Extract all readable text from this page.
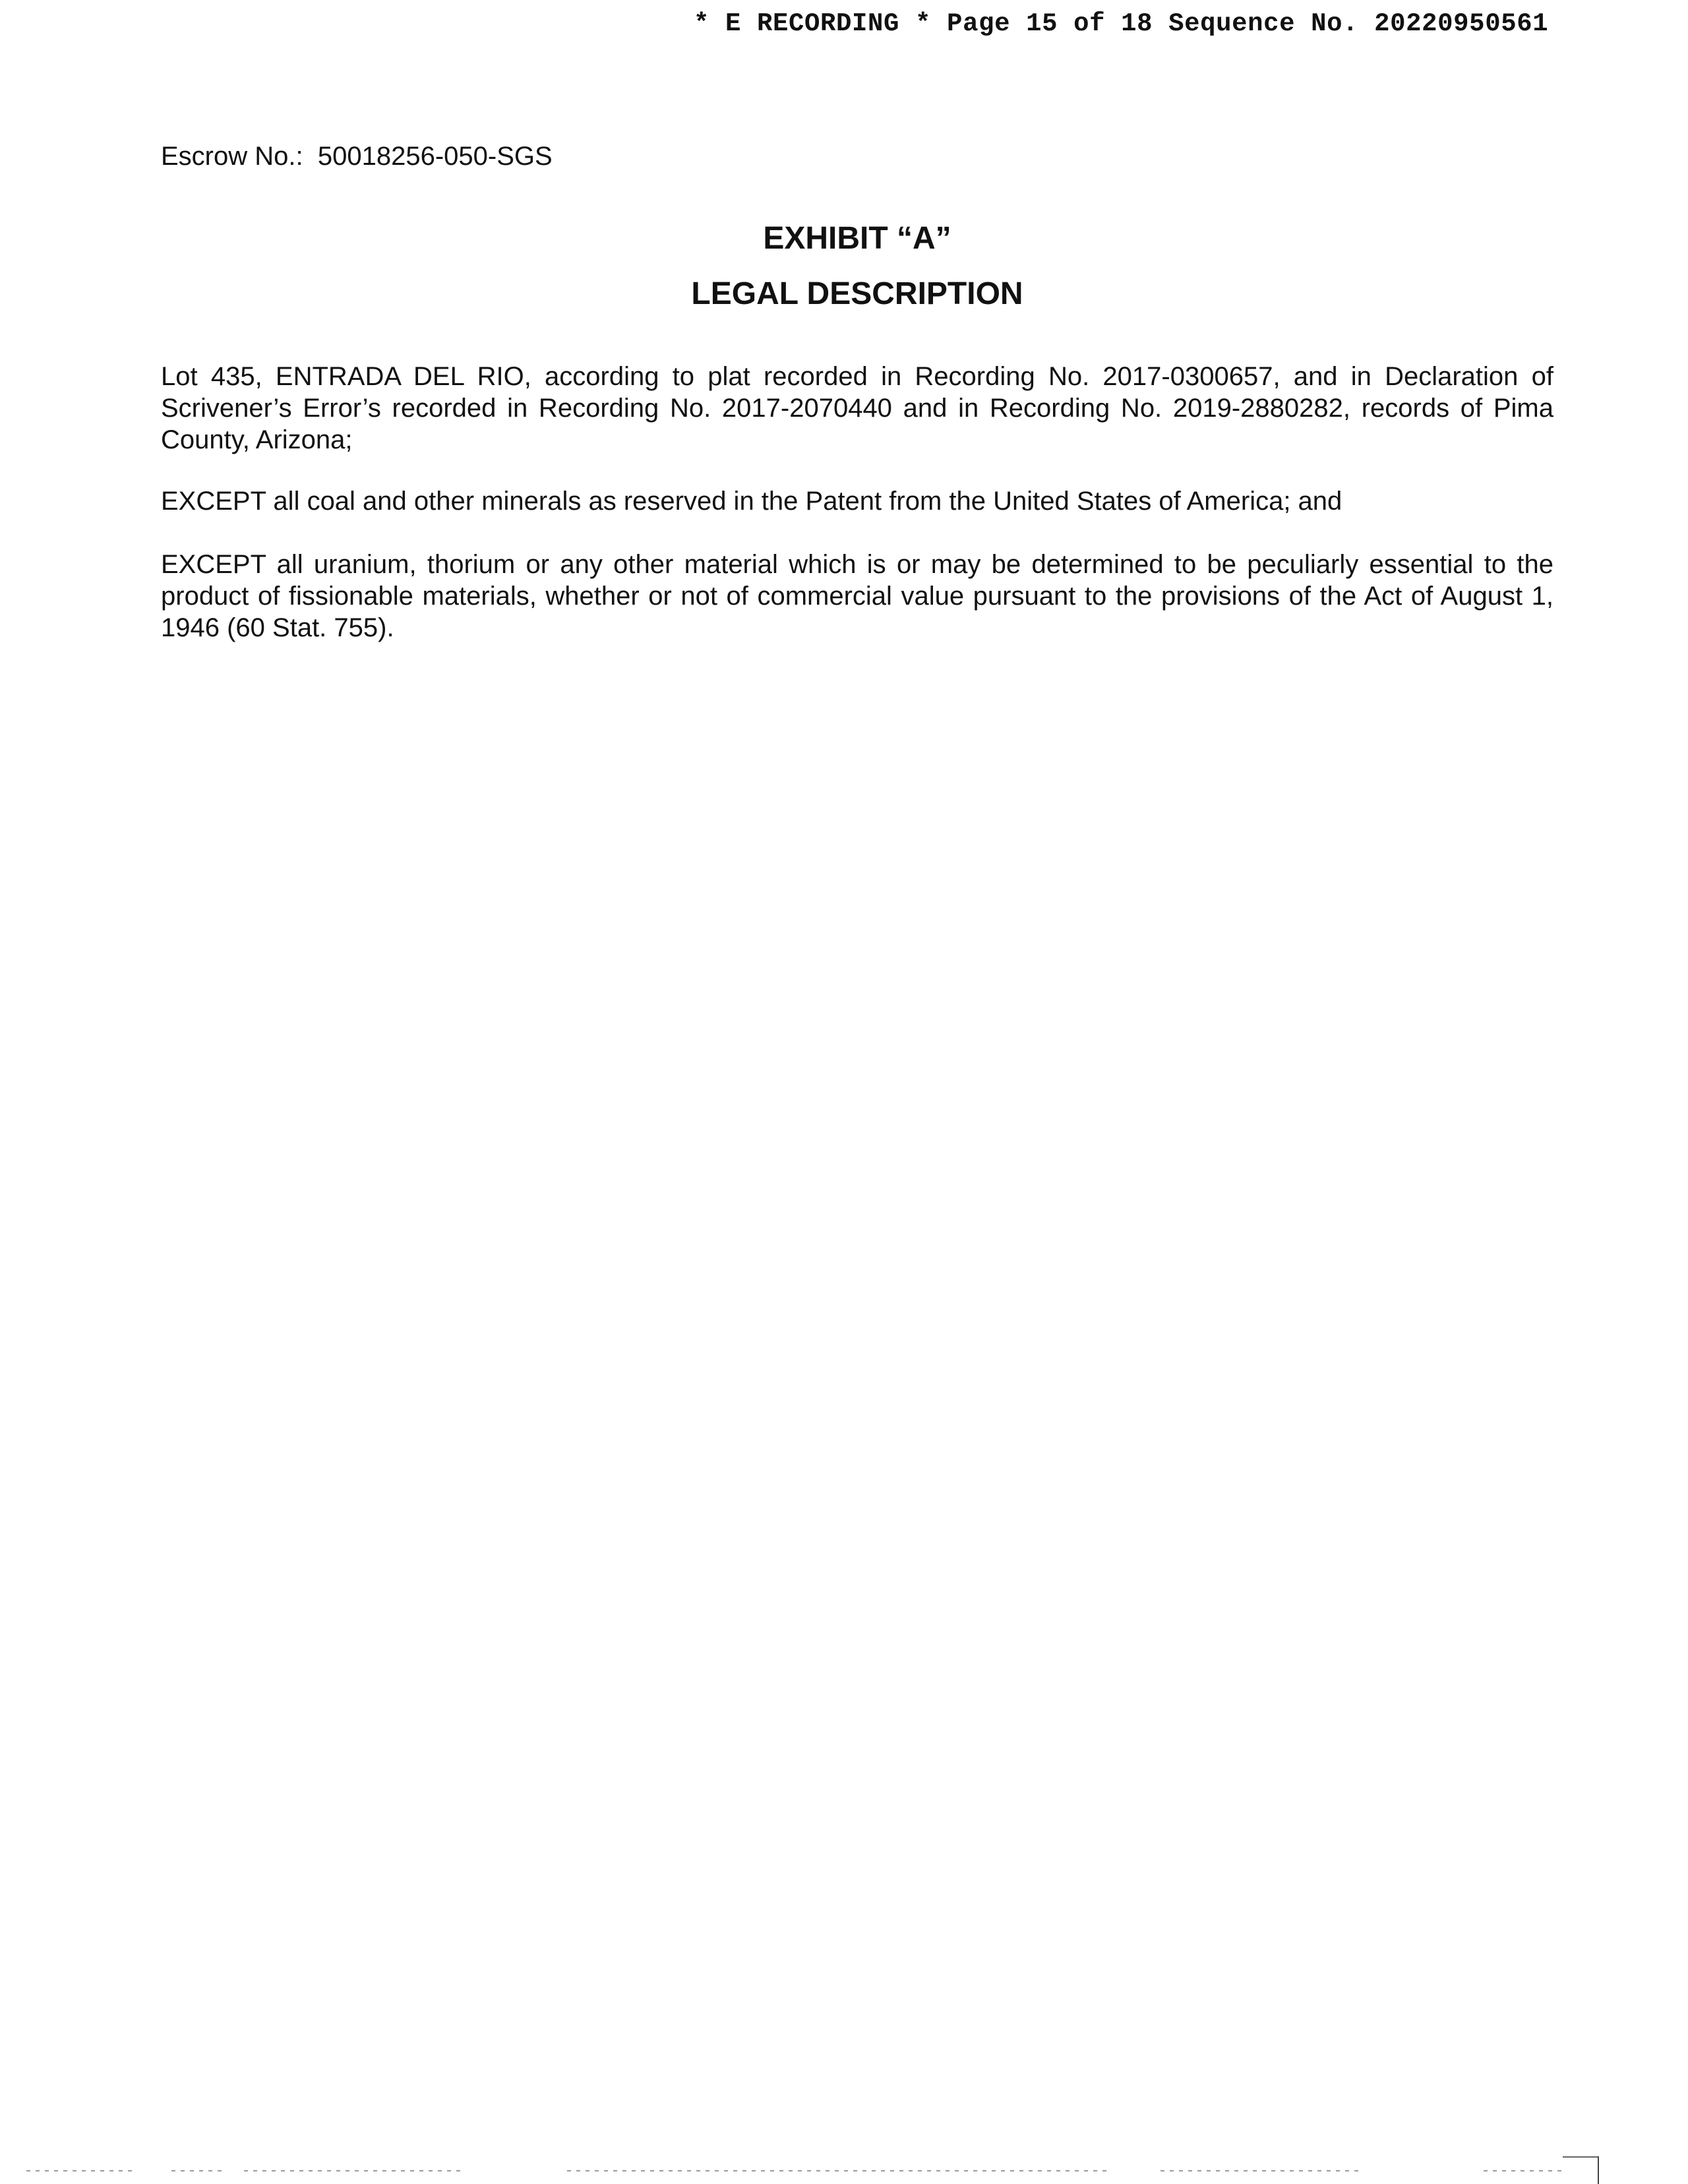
* E RECORDING * Page 15 of 18 Sequence No. 20220950561
Escrow No.: 50018256-050-SGS
EXHIBIT “A”
LEGAL DESCRIPTION

Lot 435, ENTRADA DEL RIO, according to plat recorded in Recording No. 2017-0300657, and in Declaration of Scrivener’s Error’s recorded in Recording No. 2017-2070440 and in Recording No. 2019-2880282, records of Pima County, Arizona;

EXCEPT all coal and other minerals as reserved in the Patent from the United States of America; and

EXCEPT all uranium, thorium or any other material which is or may be determined to be peculiarly essential to the product of fissionable materials, whether or not of commercial value pursuant to the provisions of the Act of August 1, 1946 (60 Stat. 755).
